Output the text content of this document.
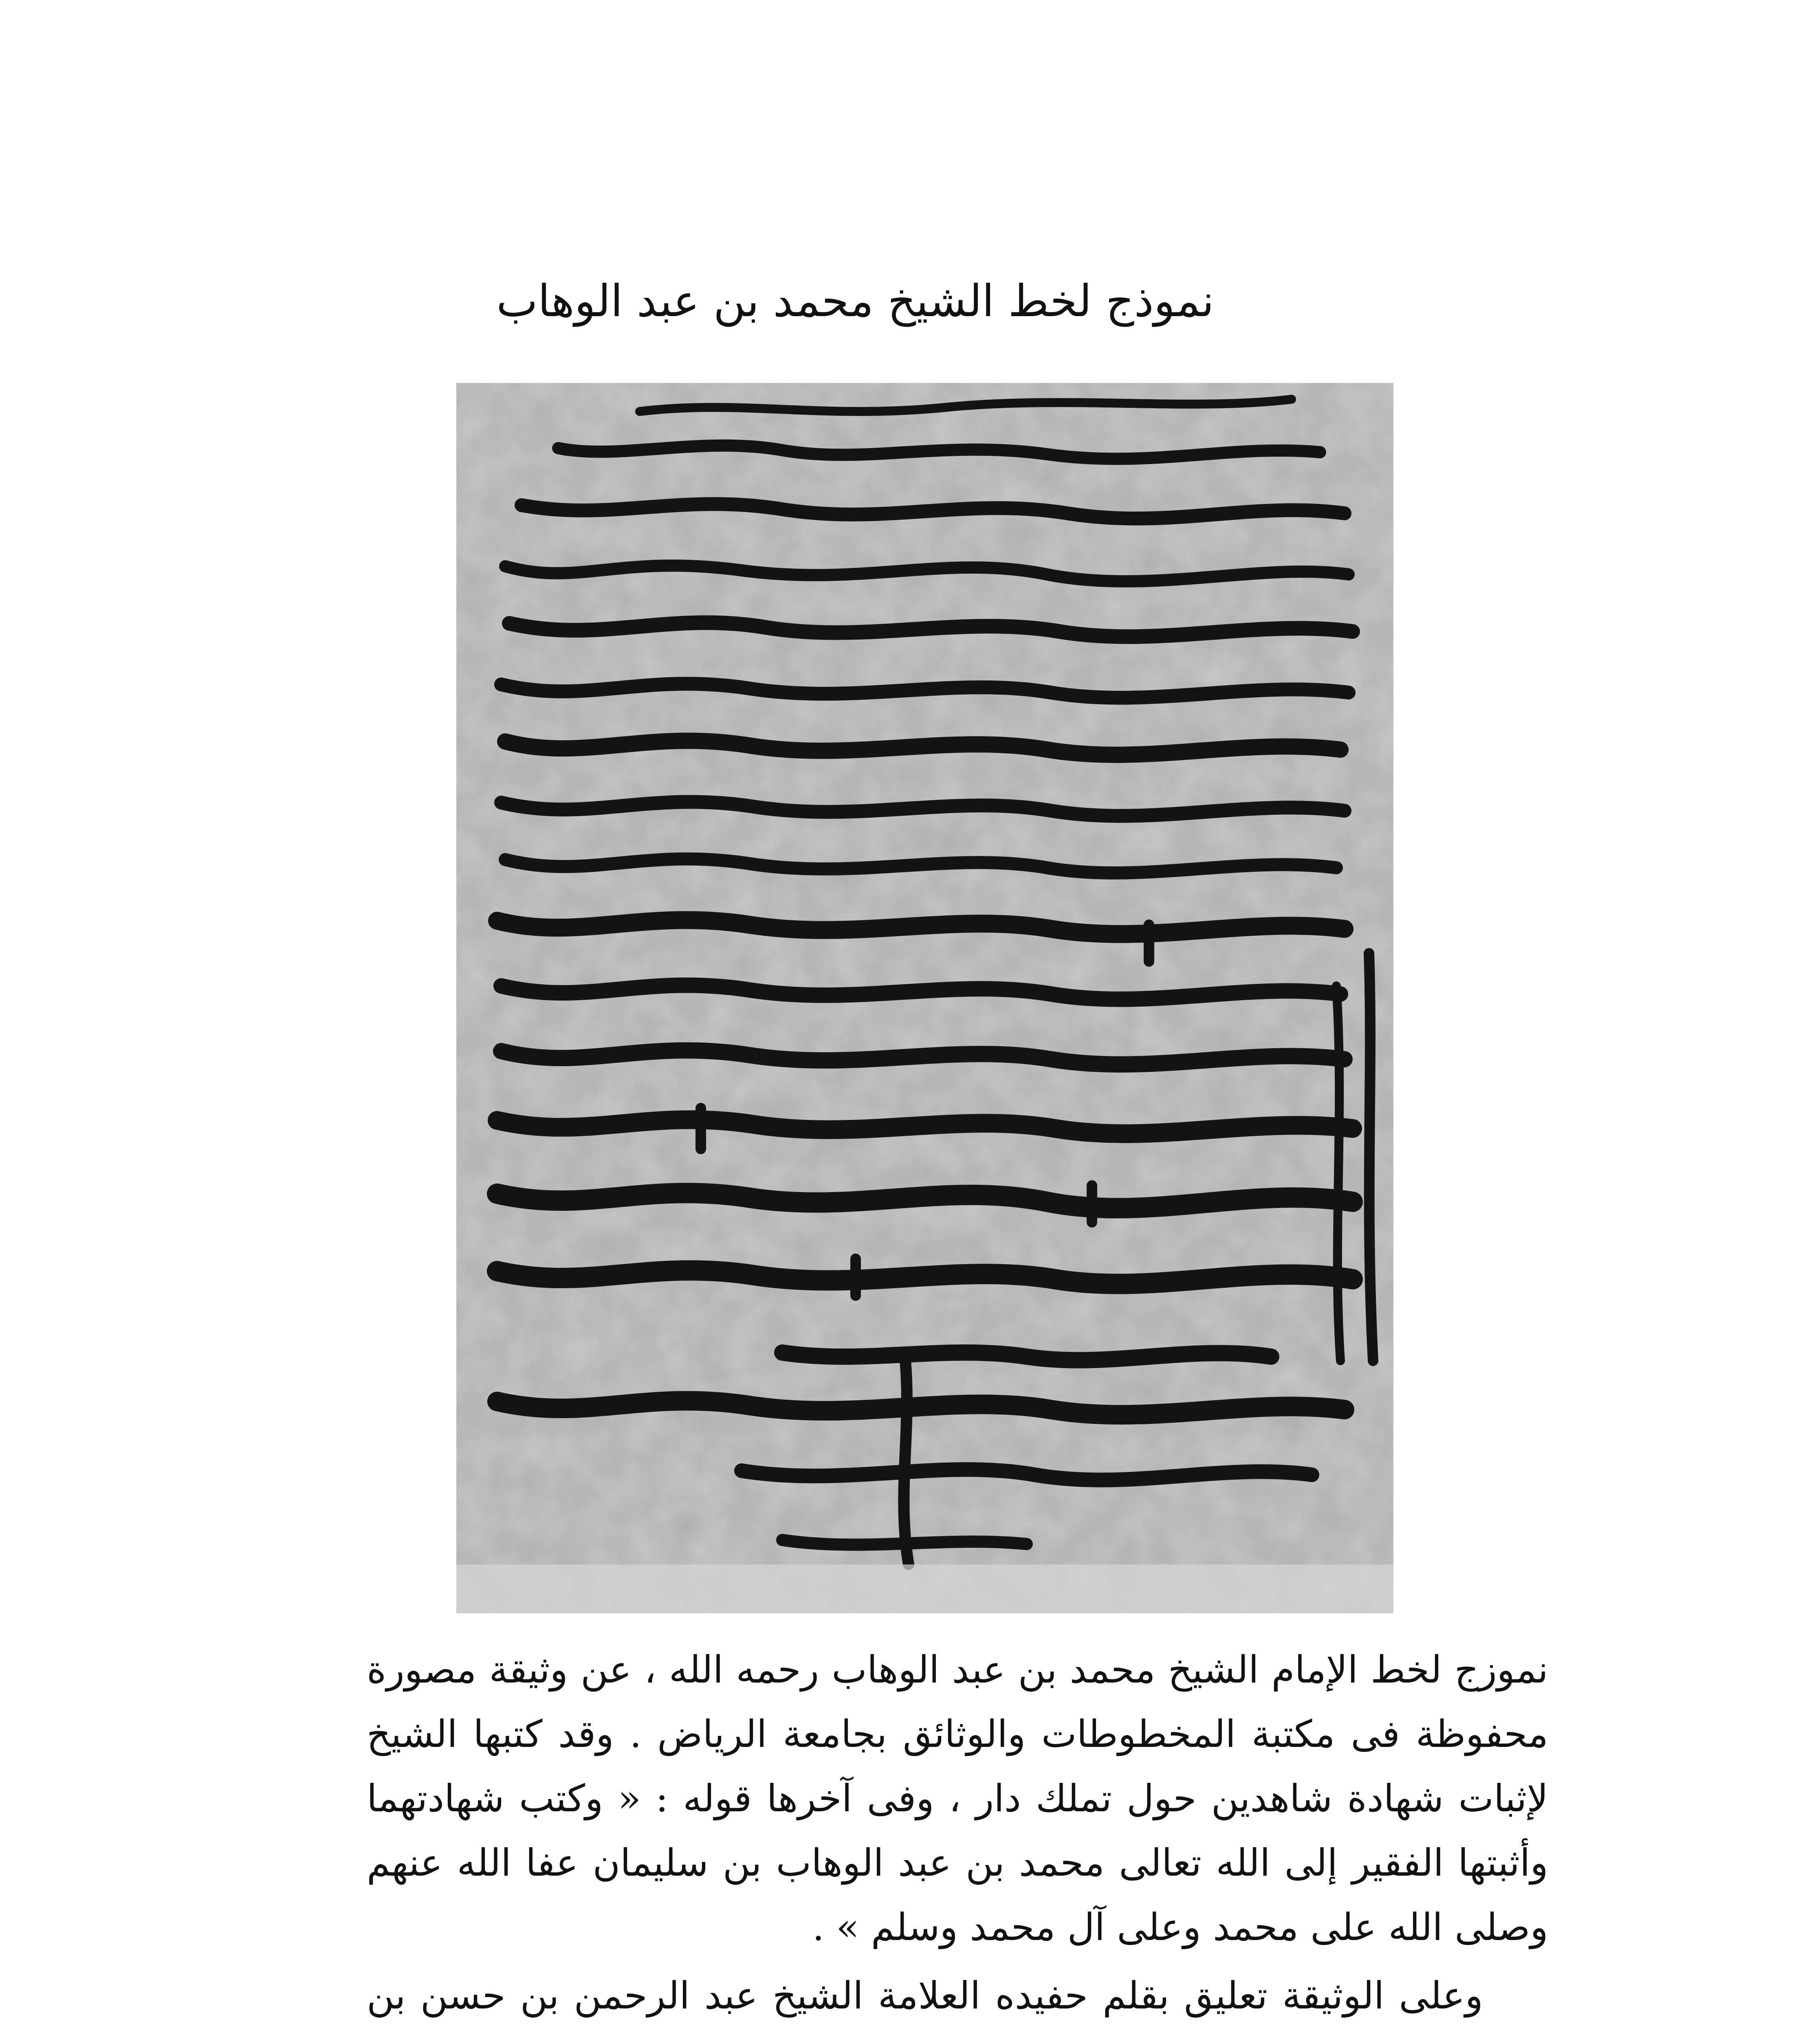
نموذج لخط الشيخ محمد بن عبد الوهاب

نموزج لخط الإمام الشيخ محمد بن عبد الوهاب رحمه الله ، عن وثيقة مصورة محفوظة فى مكتبة المخطوطات والوثائق بجامعة الرياض . وقد كتبها الشيخ لإثبات شهادة شاهدين حول تملك دار ، وفى آخرها قوله : « وكتب شهادتهما وأثبتها الفقير إلى الله تعالى محمد بن عبد الوهاب بن سليمان عفا الله عنهم وصلى الله على محمد وعلى آل محمد وسلم » .

وعلى الوثيقة تعليق بقلم حفيده العلامة الشيخ عبد الرحمن بن حسن بن
